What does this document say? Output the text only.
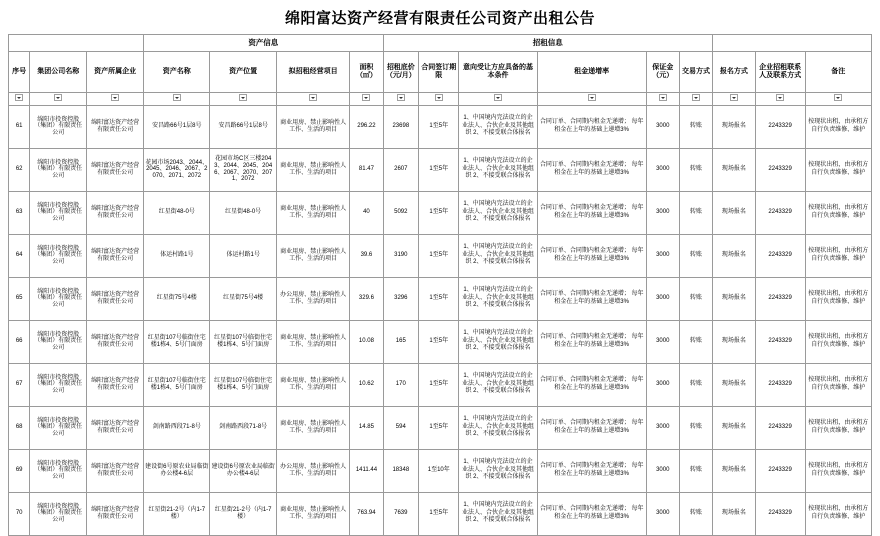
绵阳富达资产经营有限责任公司资产出租公告
			资产信息				招租信息								
序号	集团公司名称	资产所属企业	资产名称	资产位置	拟招租经营项目	面积（㎡）	招租底价（元/月）	合同签订期限	意向受让方应具备的基本条件	租金递增率	保证金（元）	交易方式	报名方式	企业招租联系人及联系方式	备注

61	绵阳市投资控股（集团）有限责任公司	绵阳富达资产经营有限责任公司	安昌路66号1层8号	安昌路66号1层8号	商业用房、禁止影响性人工作、生活的项目	296.22	23698	1至5年	1、中国境内完法设立的企业法人、合伙企业及其他组织 2、不接受联合体报名	合同订单、合同期内租金无递增； 每年租金在上年的基础上递增3%	3000	转账	现场报名	2243329	按现状出租，由承租方自行负责维修、维护
62	绵阳市投资控股（集团）有限责任公司	绵阳富达资产经营有限责任公司	花园市场2043、2044、2045、2046、2067、2070、2071、2072	花园市场C区三楼2043、2044、2045、2046、2067、2070、2071、2072	商业用房、禁止影响性人工作、生活的项目	81.47	2607	1至5年	1、中国境内完法设立的企业法人、合伙企业及其他组织 2、不接受联合体报名	合同订单、合同期内租金无递增； 每年租金在上年的基础上递增3%	3000	转账	现场报名	2243329	按现状出租，由承租方自行负责维修、维护
63	绵阳市投资控股（集团）有限责任公司	绵阳富达资产经营有限责任公司	红星街48-0号	红星街48-0号	商业用房、禁止影响性人工作、生活的项目	40	5092	1至5年	1、中国境内完法设立的企业法人、合伙企业及其他组织 2、不接受联合体报名	合同订单、合同期内租金无递增； 每年租金在上年的基础上递增3%	3000	转账	现场报名	2243329	按现状出租，由承租方自行负责维修、维护
64	绵阳市投资控股（集团）有限责任公司	绵阳富达资产经营有限责任公司	体运村路1号	体运村路1号	商业用房、禁止影响性人工作、生活的项目	39.6	3190	1至5年	1、中国境内完法设立的企业法人、合伙企业及其他组织 2、不接受联合体报名	合同订单、合同期内租金无递增； 每年租金在上年的基础上递增3%	3000	转账	现场报名	2243329	按现状出租，由承租方自行负责维修、维护
65	绵阳市投资控股（集团）有限责任公司	绵阳富达资产经营有限责任公司	红星街75号4楼	红星街75号4楼	办公用房、禁止影响性人工作、生活的项目	329.6	3296	1至5年	1、中国境内完法设立的企业法人、合伙企业及其他组织 2、不接受联合体报名	合同订单、合同期内租金无递增； 每年租金在上年的基础上递增3%	3000	转账	现场报名	2243329	按现状出租，由承租方自行负责维修、维护
66	绵阳市投资控股（集团）有限责任公司	绵阳富达资产经营有限责任公司	红星街107号临街住宅楼1栋4、5号门面房	红星街107号临街住宅楼1栋4、5号门面房	商业用房、禁止影响性人工作、生活的项目	10.08	165	1至5年	1、中国境内完法设立的企业法人、合伙企业及其他组织 2、不接受联合体报名	合同订单、合同期内租金无递增； 每年租金在上年的基础上递增3%	3000	转账	现场报名	2243329	按现状出租，由承租方自行负责维修、维护
67	绵阳市投资控股（集团）有限责任公司	绵阳富达资产经营有限责任公司	红星街107号临街住宅楼1栋4、5号门面房	红星街107号临街住宅楼1栋4、5号门面房	商业用房、禁止影响性人工作、生活的项目	10.62	170	1至5年	1、中国境内完法设立的企业法人、合伙企业及其他组织 2、不接受联合体报名	合同订单、合同期内租金无递增； 每年租金在上年的基础上递增3%	3000	转账	现场报名	2243329	按现状出租，由承租方自行负责维修、维护
68	绵阳市投资控股（集团）有限责任公司	绵阳富达资产经营有限责任公司	剑南路西段71-8号	剑南路西段71-8号	商业用房、禁止影响性人工作、生活的项目	14.85	594	1至5年	1、中国境内完法设立的企业法人、合伙企业及其他组织 2、不接受联合体报名	合同订单、合同期内租金无递增； 每年租金在上年的基础上递增3%	3000	转账	现场报名	2243329	按现状出租，由承租方自行负责维修、维护
69	绵阳市投资控股（集团）有限责任公司	绵阳富达资产经营有限责任公司	建设街6号原农业局临街办公楼4-6层	建设街6号原农业局临街办公楼4-6层	办公用房、禁止影响性人工作、生活的项目	1411.44	18348	1至10年	1、中国境内完法设立的企业法人、合伙企业及其他组织 2、不接受联合体报名	合同订单、合同期内租金无递增； 每年租金在上年的基础上递增3%	3000	转账	现场报名	2243329	按现状出租，由承租方自行负责维修、维护
70	绵阳市投资控股（集团）有限责任公司	绵阳富达资产经营有限责任公司	红星街21-2号（内1-7楼）	红星街21-2号（内1-7楼）	商业用房、禁止影响性人工作、生活的项目	763.94	7639	1至5年	1、中国境内完法设立的企业法人、合伙企业及其他组织 2、不接受联合体报名	合同订单、合同期内租金无递增； 每年租金在上年的基础上递增3%	3000	转账	现场报名	2243329	按现状出租，由承租方自行负责维修、维护
